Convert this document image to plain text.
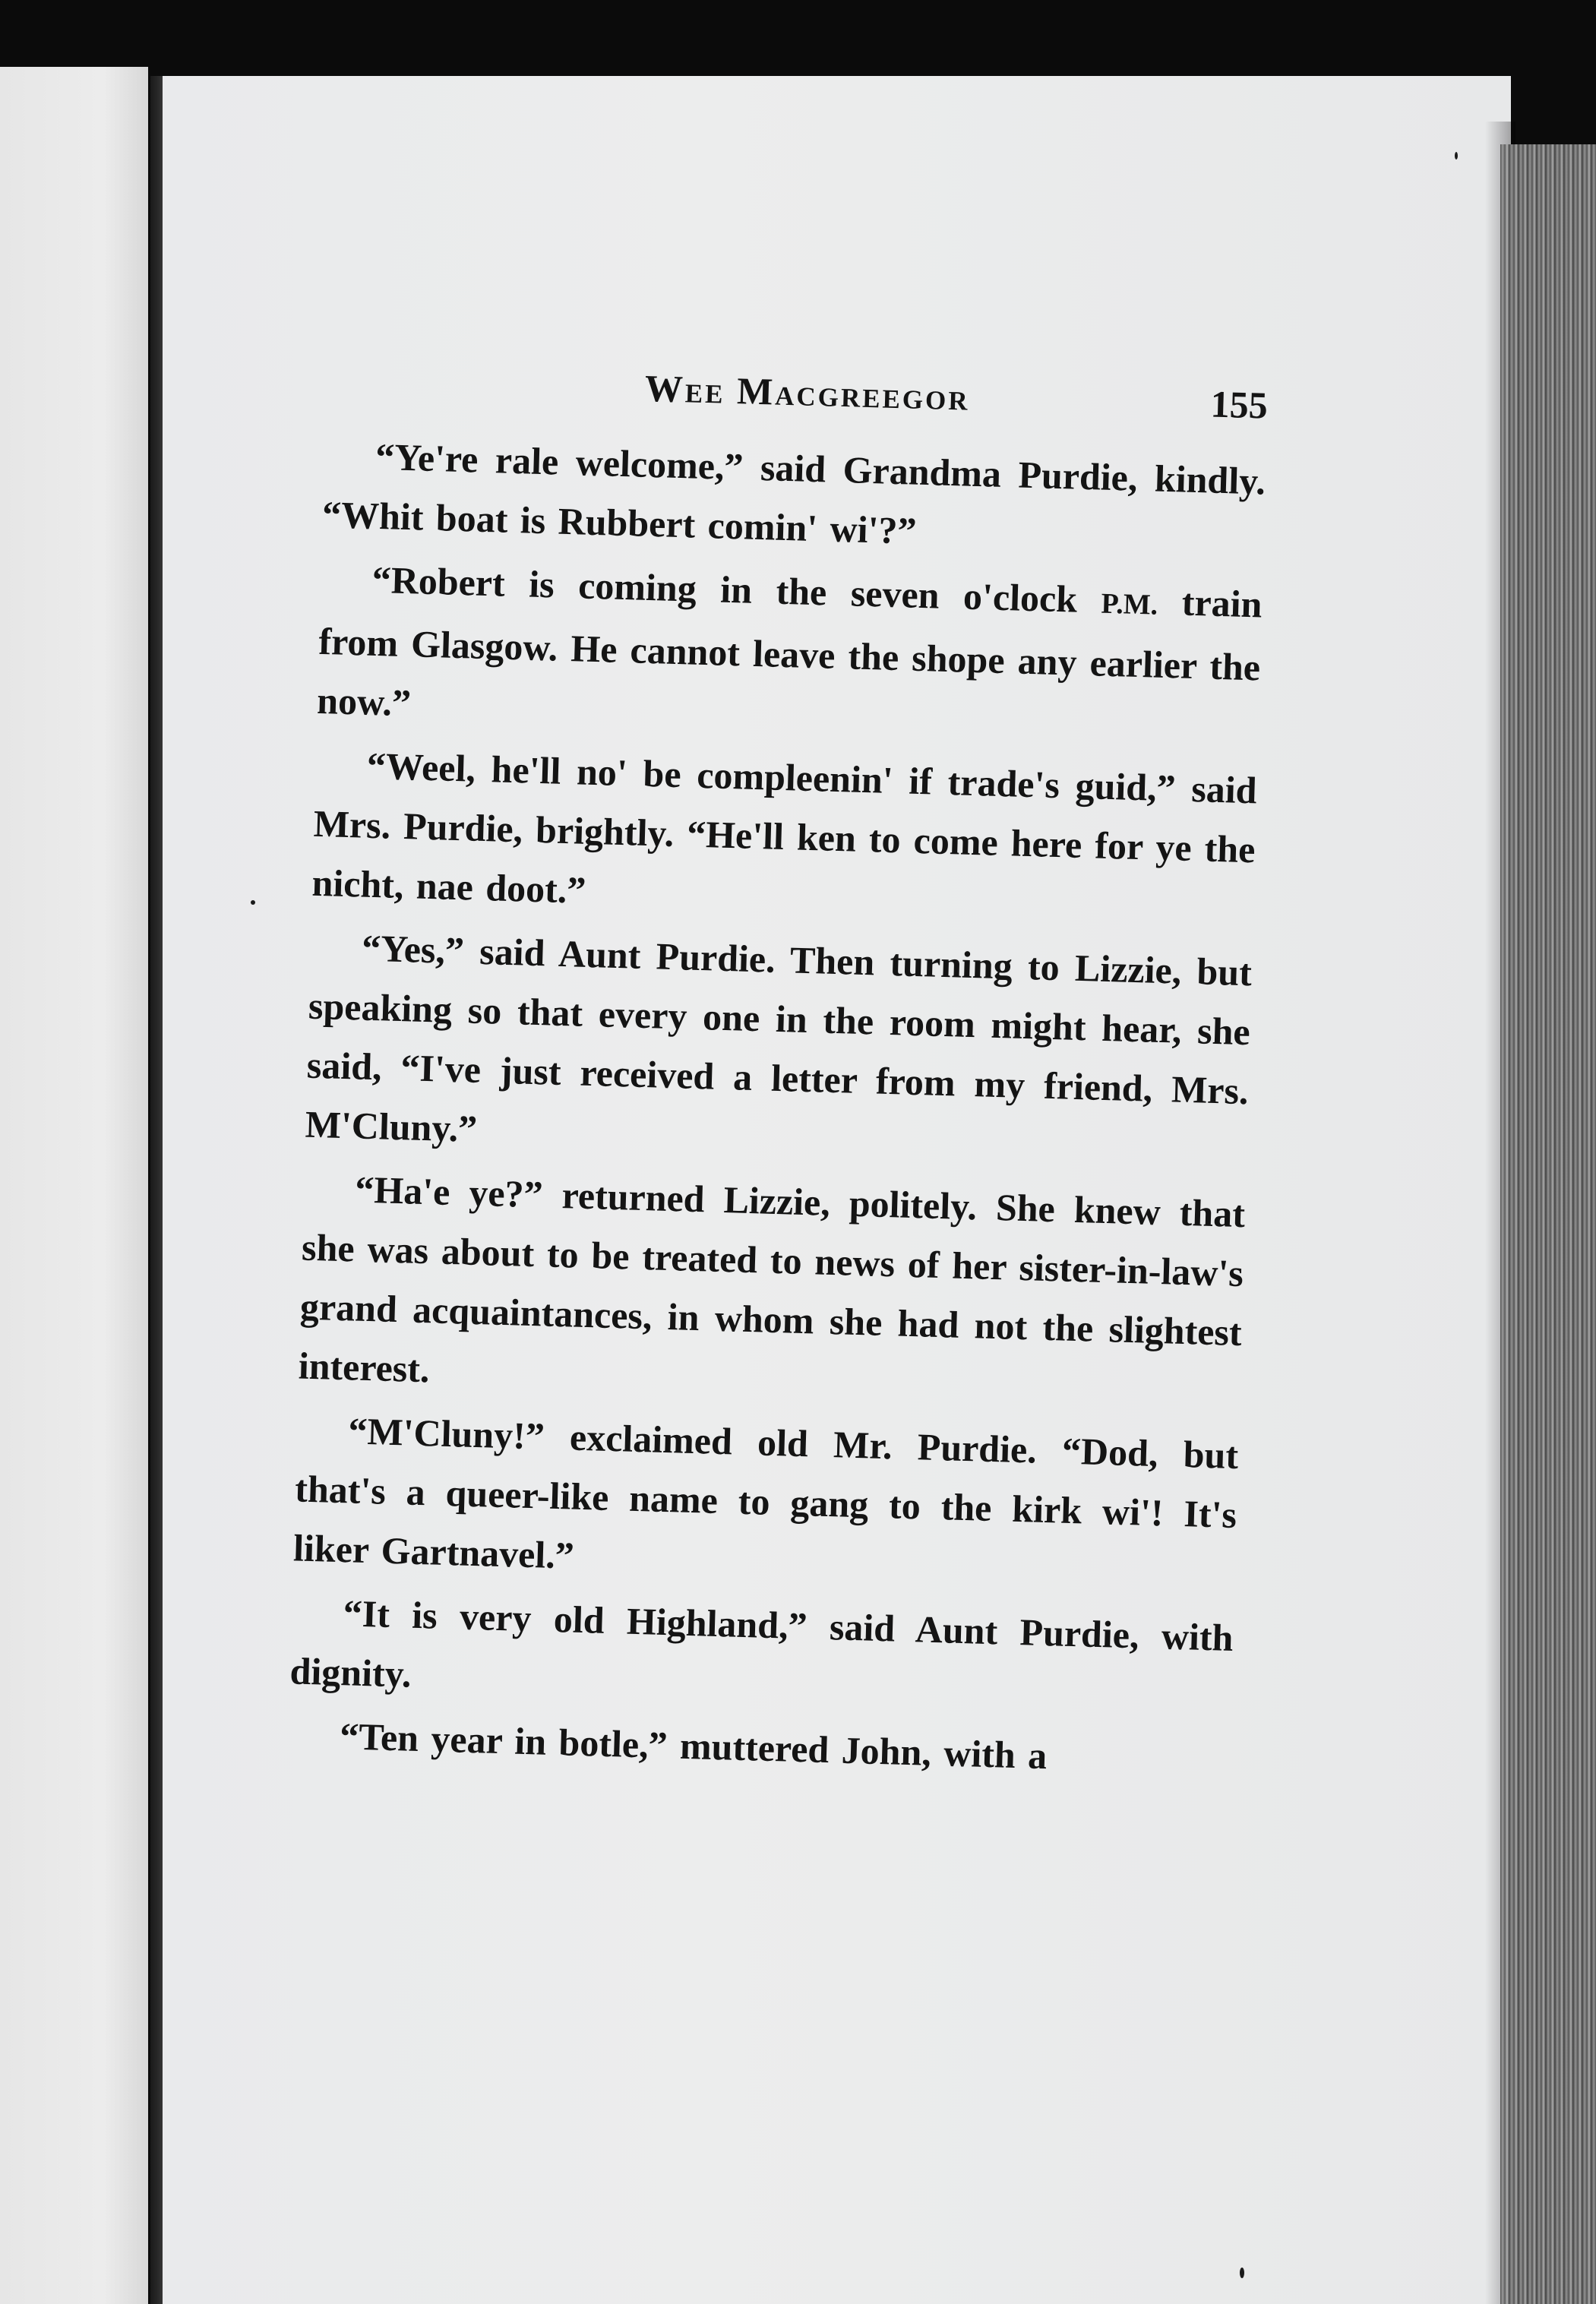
Wee Macgreegor	155

“Ye're rale welcome,” said Grandma Purdie, kindly. “Whit boat is Rubbert comin' wi'?”

“Robert is coming in the seven o'clock P.M. train from Glasgow. He cannot leave the shope any earlier the now.”

“Weel, he'll no' be compleenin' if trade's guid,” said Mrs. Purdie, brightly. “He'll ken to come here for ye the nicht, nae doot.”

“Yes,” said Aunt Purdie. Then turning to Lizzie, but speaking so that every one in the room might hear, she said, “I've just received a letter from my friend, Mrs. M'Cluny.”

“Ha'e ye?” returned Lizzie, politely. She knew that she was about to be treated to news of her sister-in-law's grand acquaintances, in whom she had not the slightest interest.

“M'Cluny!” exclaimed old Mr. Purdie. “Dod, but that's a queer-like name to gang to the kirk wi'! It's liker Gartnavel.”

“It is very old Highland,” said Aunt Purdie, with dignity.

“Ten year in botle,” muttered John, with a
